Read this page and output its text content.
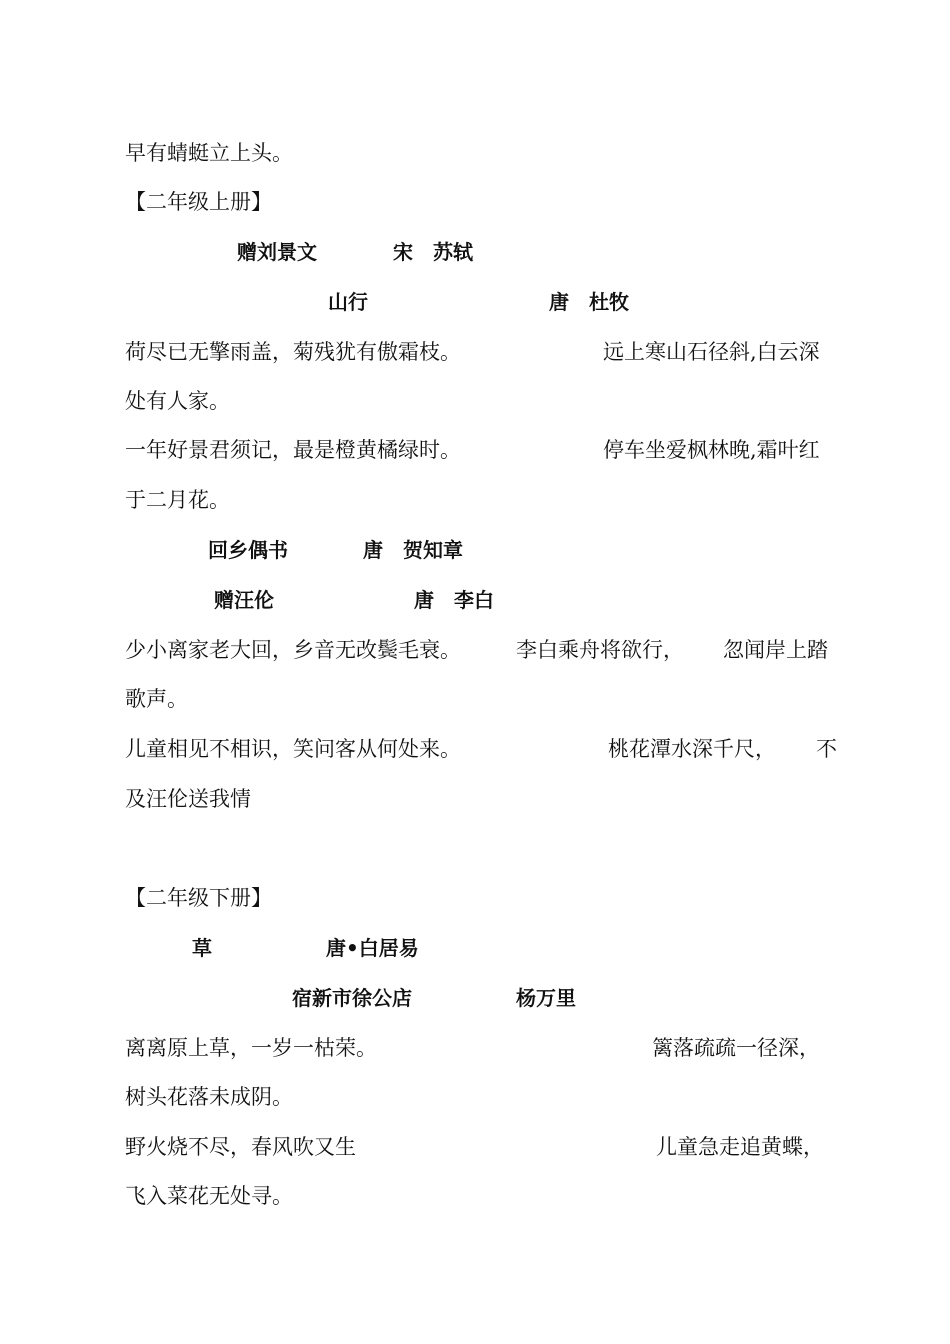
早有蜻蜓立上头。
【二年级上册】
赠刘景文	宋　苏轼
山行	唐　杜牧
荷尽已无擎雨盖，菊残犹有傲霜枝。	远上寒山石径斜,白云深
处有人家。
一年好景君须记，最是橙黄橘绿时。	停车坐爱枫林晚,霜叶红
于二月花。
回乡偶书	唐　贺知章
赠汪伦	唐　李白
少小离家老大回，乡音无改鬓毛衰。	李白乘舟将欲行， 忽闻岸上踏
歌声。
儿童相见不相识，笑问客从何处来。	桃花潭水深千尺， 不
及汪伦送我情
【二年级下册】
草	唐•白居易
宿新市徐公店	杨万里
离离原上草，一岁一枯荣。	篱落疏疏一径深，
树头花落未成阴。
野火烧不尽，春风吹又生	儿童急走追黄蝶，
飞入菜花无处寻。
